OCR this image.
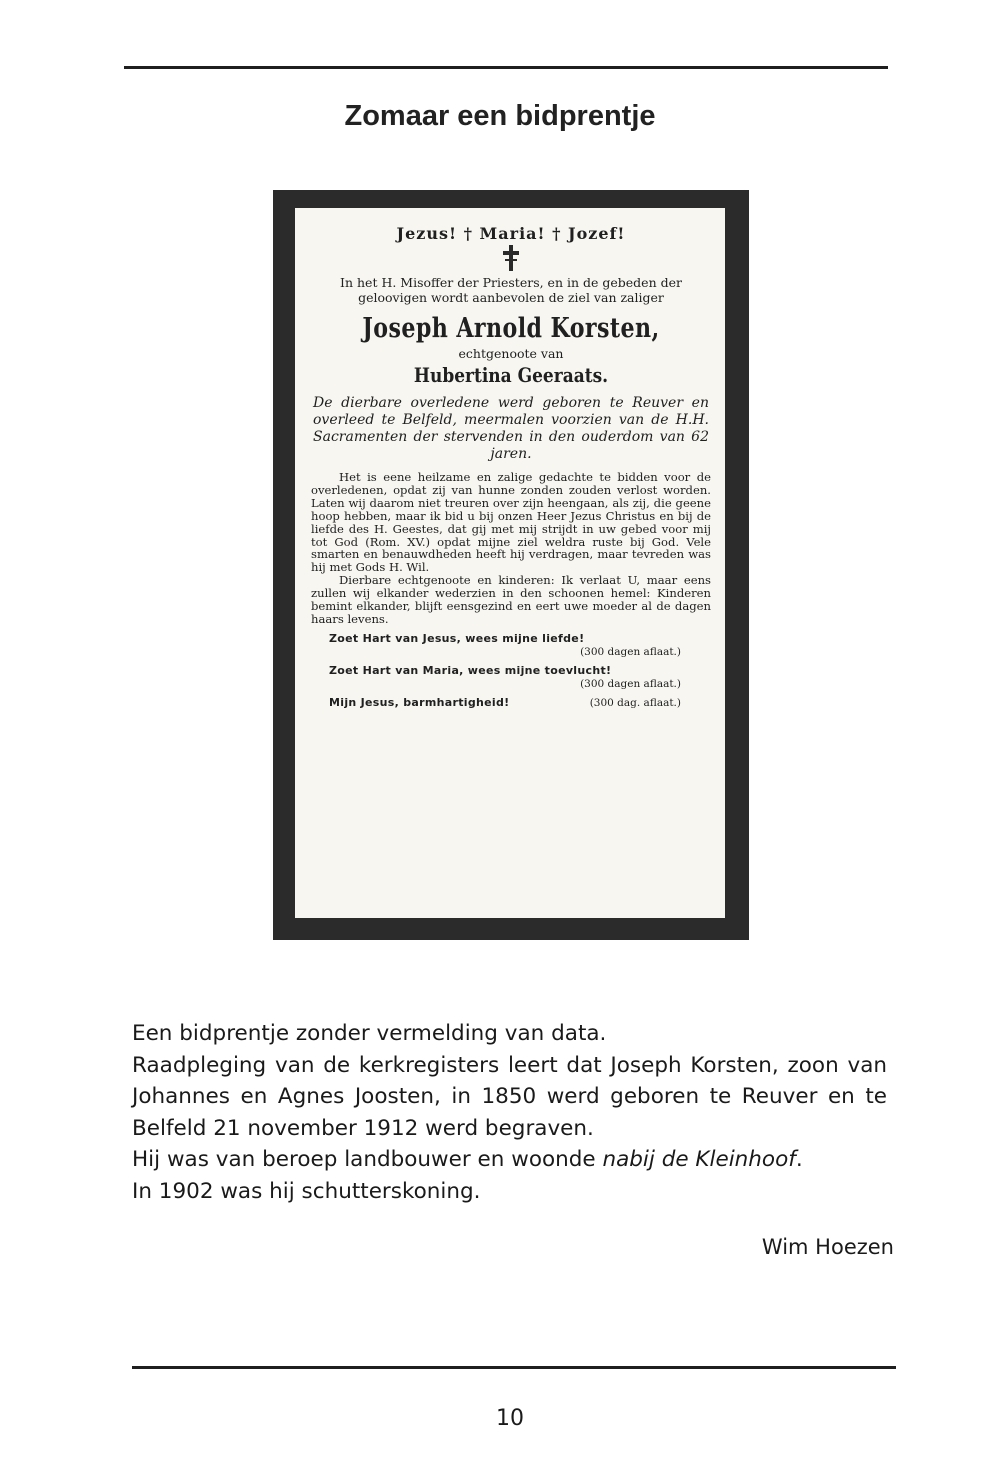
Zomaar een bidprentje
Jezus! † Maria! † Jozef!
In het H. Misoffer der Priesters, en in de gebeden der geloovigen wordt aanbevolen de ziel van zaliger
Joseph Arnold Korsten,
echtgenoote van
Hubertina Geeraats.
De dierbare overledene werd geboren te Reuver en overleed te Belfeld, meermalen voorzien van de H.H. Sacramenten der stervenden in den ouderdom van 62 jaren.
Het is eene heilzame en zalige gedachte te bidden voor de overledenen, opdat zij van hunne zonden zouden verlost worden. Laten wij daarom niet treuren over zijn heengaan, als zij, die geene hoop hebben, maar ik bid u bij onzen Heer Jezus Christus en bij de liefde des H. Geestes, dat gij met mij strijdt in uw gebed voor mij tot God (Rom. XV.) opdat mijne ziel weldra ruste bij God. Vele smarten en benauwdheden heeft hij verdragen, maar tevreden was hij met Gods H. Wil.
Dierbare echtgenoote en kinderen: Ik verlaat U, maar eens zullen wij elkander wederzien in den schoonen hemel: Kinderen bemint elkander, blijft eensgezind en eert uwe moeder al de dagen haars levens.
Zoet Hart van Jesus, wees mijne liefde!
(300 dagen aflaat.)
Zoet Hart van Maria, wees mijne toevlucht!
(300 dagen aflaat.)
Mijn Jesus, barmhartigheid!	(300 dag. aflaat.)

Een bidprentje zonder vermelding van data.

Raadpleging van de kerkregisters leert dat Joseph Korsten, zoon van Johannes en Agnes Joosten, in 1850 werd geboren te Reuver en te Belfeld 21 november 1912 werd begraven.

Hij was van beroep landbouwer en woonde nabij de Kleinhoof.

In 1902 was hij schutterskoning.

Wim Hoezen
10
